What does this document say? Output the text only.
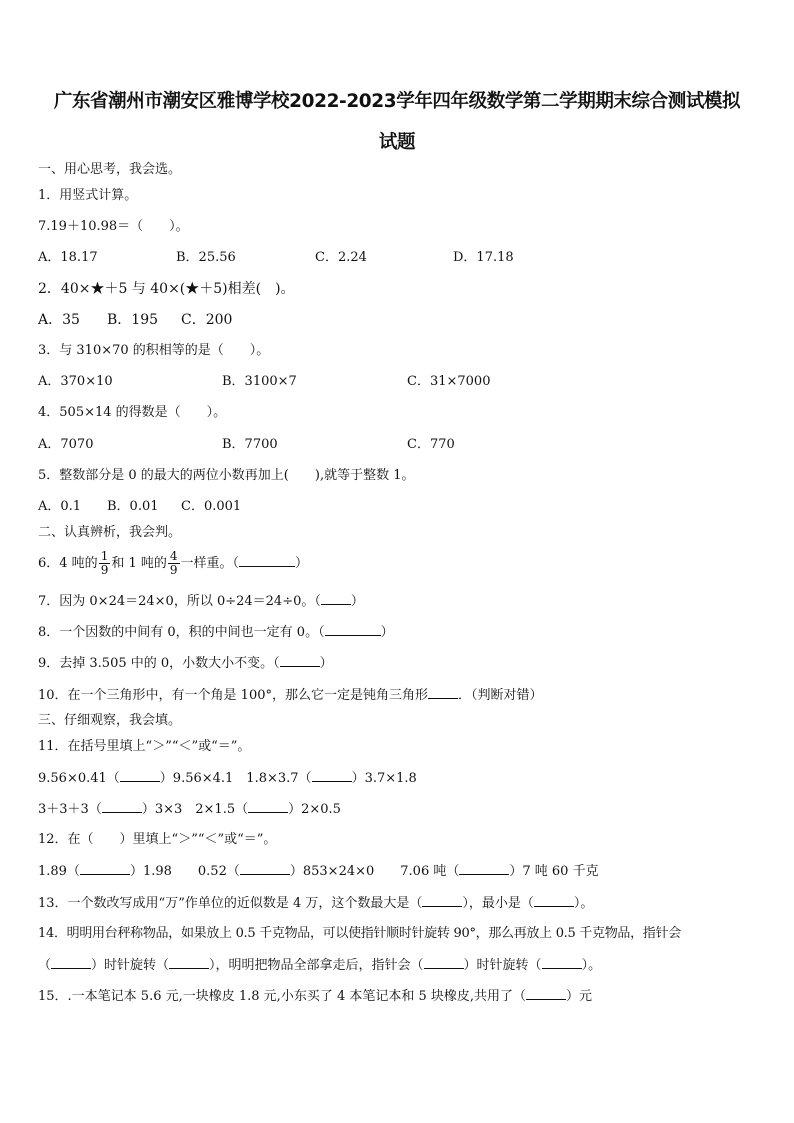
广东省潮州市潮安区雅博学校2022-2023学年四年级数学第二学期期末综合测试模拟
试题
一、用心思考，我会选。
1．用竖式计算。
7.19＋10.98＝（　　）。
A．18.17	B．25.56	C．2.24	D．17.18
2．40×★＋5 与 40×(★＋5)相差(　)。
A．35 B．195 C．200
3．与 310×70 的积相等的是（　　）。
A．370×10	B．3100×7	C．31×7000
4．505×14 的得数是（　　）。
A．7070	B．7700	C．770
5．整数部分是 0 的最大的两位小数再加上(　　),就等于整数 1。
A．0.1 B．0.01 C．0.001
二、认真辨析，我会判。
6．4 吨的 $\frac{1}{9}$ 和 1 吨的 $\frac{4}{9}$ 一样重。（	）
7．因为 0×24＝24×0，所以 0÷24＝24÷0。（ ）
8．一个因数的中间有 0，积的中间也一定有 0。（	）
9．去掉 3.505 中的 0，小数大小不变。（	）
10．在一个三角形中，有一个角是 100°，那么它一定是钝角三角形 ．（判断对错）
三、仔细观察，我会填。
11．在括号里填上“＞”“＜”或“＝”。
9.56×0.41（	）9.56×4.1　1.8×3.7（	）3.7×1.8
3＋3＋3（	）3×3　2×1.5（	）2×0.5
12．在（　　）里填上“＞”“＜”或“＝”。
1.89（	）1.98　　0.52（	）853×24×0　　7.06 吨（	）7 吨 60 千克
13．一个数改写成用“万”作单位的近似数是 4 万，这个数最大是（	），最小是（	）。
14．明明用台秤称物品，如果放上 0.5 千克物品，可以使指针顺时针旋转 90°，那么再放上 0.5 千克物品，指针会
（	）时针旋转（	），明明把物品全部拿走后，指针会（	）时针旋转（	）。
15．.一本笔记本 5.6 元,一块橡皮 1.8 元,小东买了 4 本笔记本和 5 块橡皮,共用了（	）元
